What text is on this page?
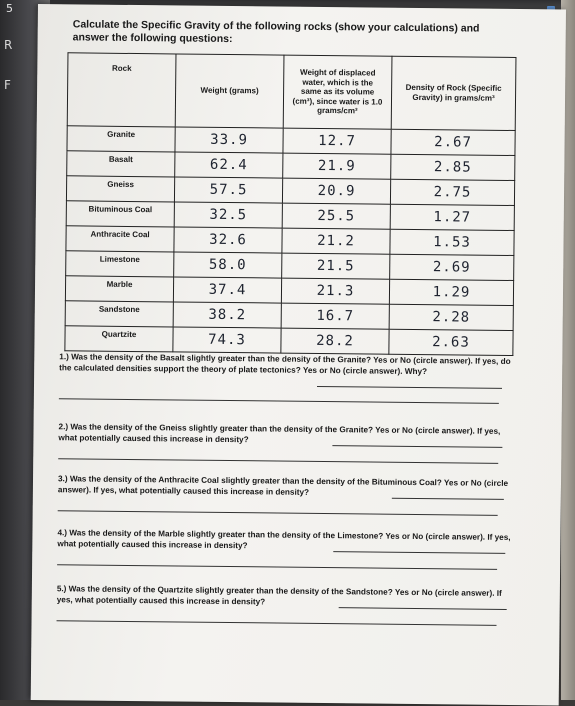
R
F
5
Calculate the Specific Gravity of the following rocks (show your calculations) and answer the following questions:
Rock	Weight (grams)	Weight of displaced water, which is the same as its volume (cm³), since water is 1.0 grams/cm³	Density of Rock (Specific Gravity) in grams/cm³
Granite	33.9	12.7	2.67
Basalt	62.4	21.9	2.85
Gneiss	57.5	20.9	2.75
Bituminous Coal	32.5	25.5	1.27
Anthracite Coal	32.6	21.2	1.53
Limestone	58.0	21.5	2.69
Marble	37.4	21.3	1.29
Sandstone	38.2	16.7	2.28
Quartzite	74.3	28.2	2.63
1.) Was the density of the Basalt slightly greater than the density of the Granite? Yes or No (circle answer). If yes, do the calculated densities support the theory of plate tectonics? Yes or No (circle answer). Why?
2.) Was the density of the Gneiss slightly greater than the density of the Granite? Yes or No (circle answer). If yes, what potentially caused this increase in density?
3.) Was the density of the Anthracite Coal slightly greater than the density of the Bituminous Coal? Yes or No (circle answer). If yes, what potentially caused this increase in density?
4.) Was the density of the Marble slightly greater than the density of the Limestone? Yes or No (circle answer). If yes, what potentially caused this increase in density?
5.) Was the density of the Quartzite slightly greater than the density of the Sandstone? Yes or No (circle answer). If yes, what potentially caused this increase in density?
